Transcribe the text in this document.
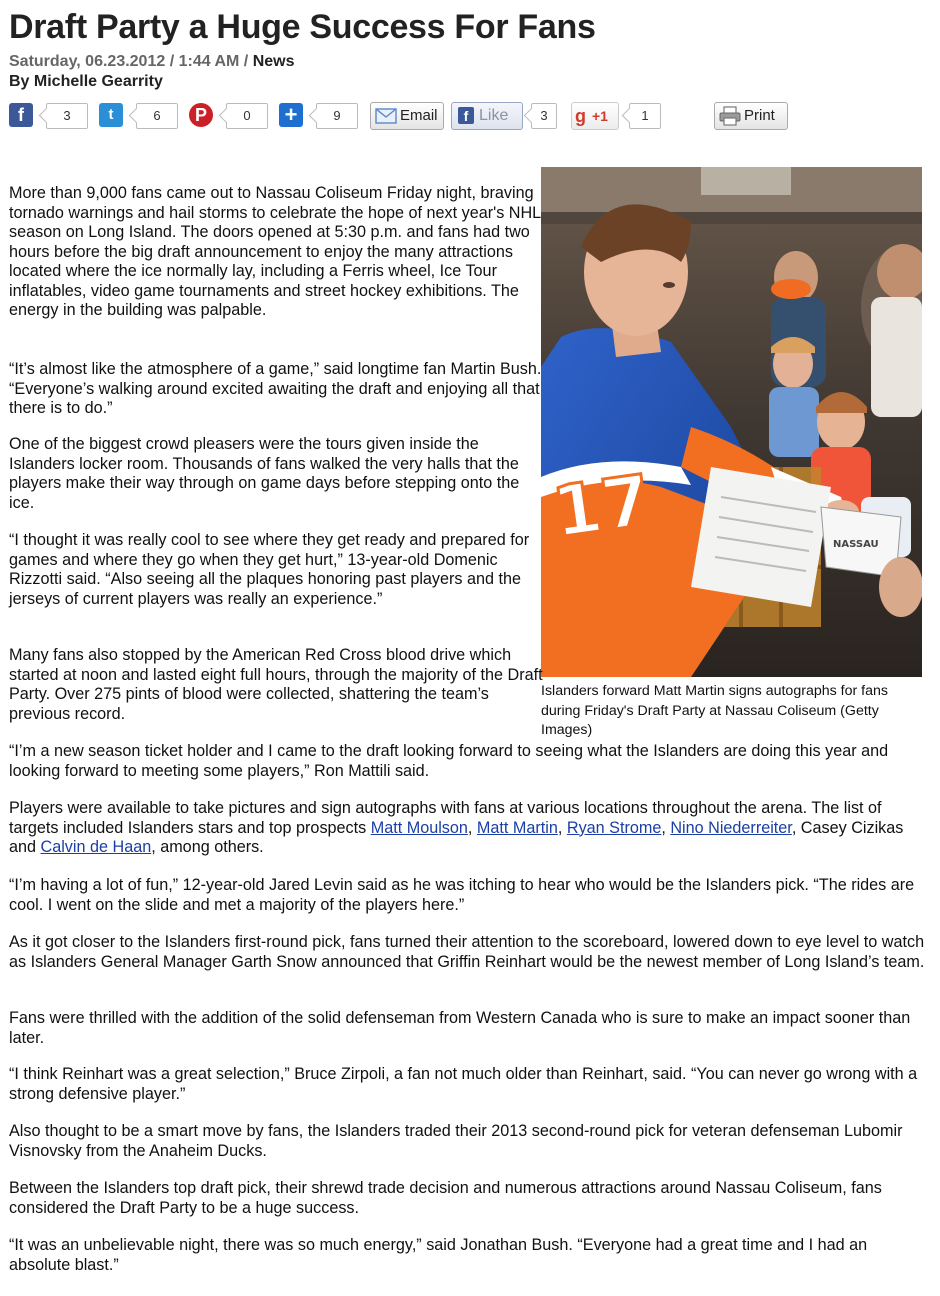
Draft Party a Huge Success For Fans
Saturday, 06.23.2012 / 1:44 AM / News
By Michelle Gearrity
f	3	t	6	P	0	+	9	Email	f Like	3	g +1	1	Print
17	NASSAU

Islanders forward Matt Martin signs autographs for fans during Friday's Draft Party at Nassau Coliseum (Getty Images)

More than 9,000 fans came out to Nassau Coliseum Friday night, braving tornado warnings and hail storms to celebrate the hope of next year's NHL season on Long Island. The doors opened at 5:30 p.m. and fans had two hours before the big draft announcement to enjoy the many attractions located where the ice normally lay, including a Ferris wheel, Ice Tour inflatables, video game tournaments and street hockey exhibitions. The energy in the building was palpable.

“It’s almost like the atmosphere of a game,” said longtime fan Martin Bush. “Everyone’s walking around excited awaiting the draft and enjoying all that there is to do.”

One of the biggest crowd pleasers were the tours given inside the Islanders locker room. Thousands of fans walked the very halls that the players make their way through on game days before stepping onto the ice.

“I thought it was really cool to see where they get ready and prepared for games and where they go when they get hurt,” 13-year-old Domenic Rizzotti said. “Also seeing all the plaques honoring past players and the jerseys of current players was really an experience.”

Many fans also stopped by the American Red Cross blood drive which started at noon and lasted eight full hours, through the majority of the Draft Party. Over 275 pints of blood were collected, shattering the team’s previous record.

“I’m a new season ticket holder and I came to the draft looking forward to seeing what the Islanders are doing this year and looking forward to meeting some players,” Ron Mattili said.

Players were available to take pictures and sign autographs with fans at various locations throughout the arena. The list of targets included Islanders stars and top prospects Matt Moulson, Matt Martin, Ryan Strome, Nino Niederreiter, Casey Cizikas and Calvin de Haan, among others.

“I’m having a lot of fun,” 12-year-old Jared Levin said as he was itching to hear who would be the Islanders pick. “The rides are cool. I went on the slide and met a majority of the players here.”

As it got closer to the Islanders first-round pick, fans turned their attention to the scoreboard, lowered down to eye level to watch as Islanders General Manager Garth Snow announced that Griffin Reinhart would be the newest member of Long Island’s team.

Fans were thrilled with the addition of the solid defenseman from Western Canada who is sure to make an impact sooner than later.

“I think Reinhart was a great selection,” Bruce Zirpoli, a fan not much older than Reinhart, said. “You can never go wrong with a strong defensive player.”

Also thought to be a smart move by fans, the Islanders traded their 2013 second-round pick for veteran defenseman Lubomir Visnovsky from the Anaheim Ducks.

Between the Islanders top draft pick, their shrewd trade decision and numerous attractions around Nassau Coliseum, fans considered the Draft Party to be a huge success.

“It was an unbelievable night, there was so much energy,” said Jonathan Bush. “Everyone had a great time and I had an absolute blast.”
